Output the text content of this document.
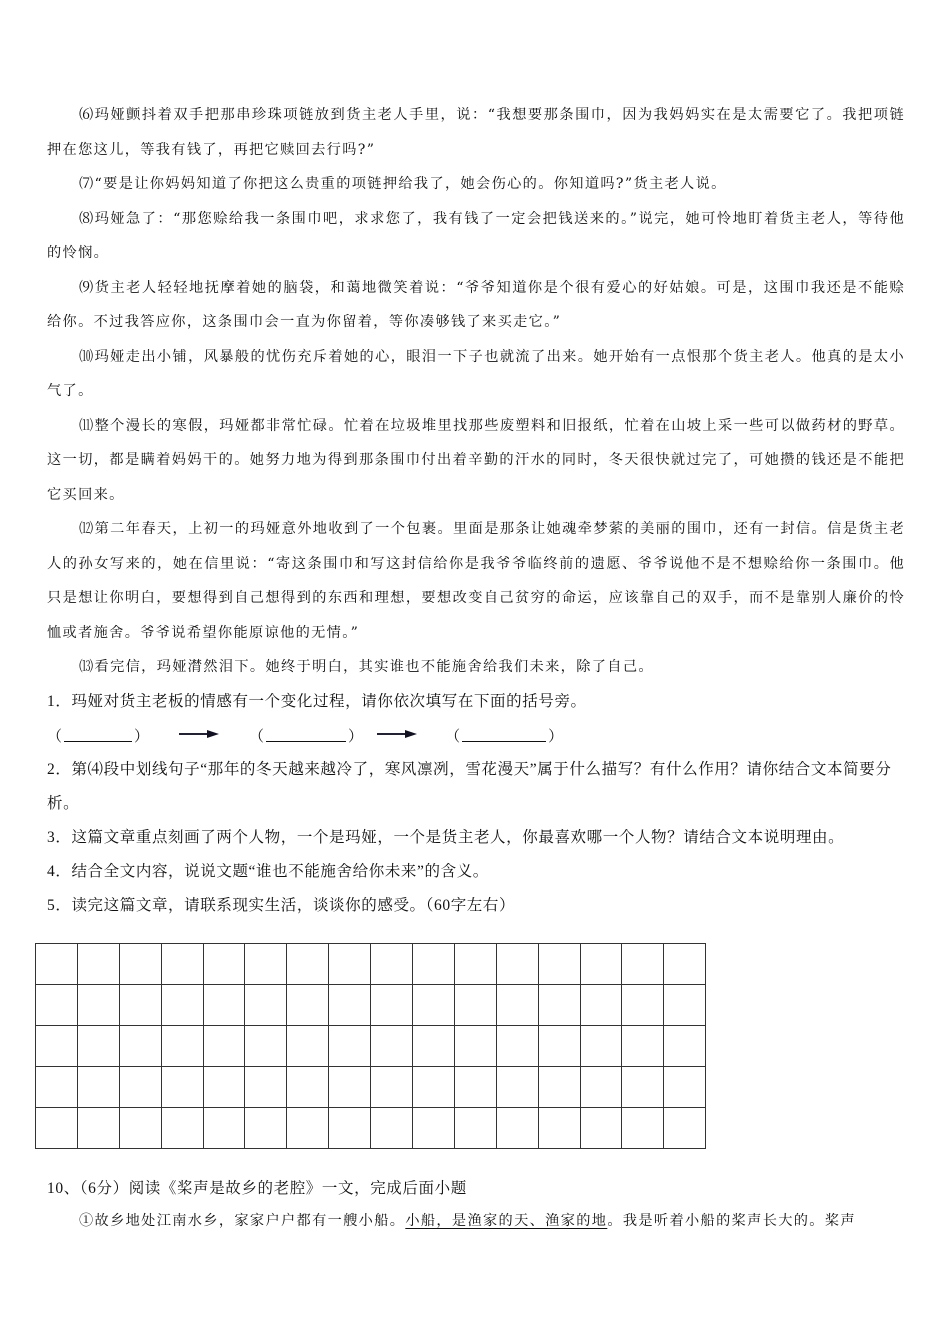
⑹玛娅颤抖着双手把那串珍珠项链放到货主老人手里，说：“我想要那条围巾，因为我妈妈实在是太需要它了。我把项链押在您这儿，等我有钱了，再把它赎回去行吗?”

⑺“要是让你妈妈知道了你把这么贵重的项链押给我了，她会伤心的。你知道吗?”货主老人说。

⑻玛娅急了：“那您赊给我一条围巾吧，求求您了，我有钱了一定会把钱送来的。”说完，她可怜地盯着货主老人，等待他的怜悯。

⑼货主老人轻轻地抚摩着她的脑袋，和蔼地微笑着说：“爷爷知道你是个很有爱心的好姑娘。可是，这围巾我还是不能赊给你。不过我答应你，这条围巾会一直为你留着，等你凑够钱了来买走它。”

⑽玛娅走出小铺，风暴般的忧伤充斥着她的心，眼泪一下子也就流了出来。她开始有一点恨那个货主老人。他真的是太小气了。

⑾整个漫长的寒假，玛娅都非常忙碌。忙着在垃圾堆里找那些废塑料和旧报纸，忙着在山坡上采一些可以做药材的野草。这一切，都是瞒着妈妈干的。她努力地为得到那条围巾付出着辛勤的汗水的同时，冬天很快就过完了，可她攒的钱还是不能把它买回来。

⑿第二年春天，上初一的玛娅意外地收到了一个包裹。里面是那条让她魂牵梦萦的美丽的围巾，还有一封信。信是货主老人的孙女写来的，她在信里说：“寄这条围巾和写这封信给你是我爷爷临终前的遗愿、爷爷说他不是不想赊给你一条围巾。他只是想让你明白，要想得到自己想得到的东西和理想，要想改变自己贫穷的命运，应该靠自己的双手，而不是靠别人廉价的怜恤或者施舍。爷爷说希望你能原谅他的无情。”

⒀看完信，玛娅潸然泪下。她终于明白，其实谁也不能施舍给我们未来，除了自己。

1．玛娅对货主老板的情感有一个变化过程，请你依次填写在下面的括号旁。

（	）	（	）	（	）

2．第⑷段中划线句子“那年的冬天越来越冷了，寒风凛冽，雪花漫天”属于什么描写？有什么作用？请你结合文本简要分析。

3．这篇文章重点刻画了两个人物，一个是玛娅，一个是货主老人，你最喜欢哪一个人物？请结合文本说明理由。

4．结合全文内容，说说文题“谁也不能施舍给你未来”的含义。

5．读完这篇文章，请联系现实生活，谈谈你的感受。（60字左右）

10、（6分）阅读《桨声是故乡的老腔》一文，完成后面小题

①故乡地处江南水乡，家家户户都有一艘小船。小船，是渔家的天、渔家的地。我是听着小船的桨声长大的。桨声
